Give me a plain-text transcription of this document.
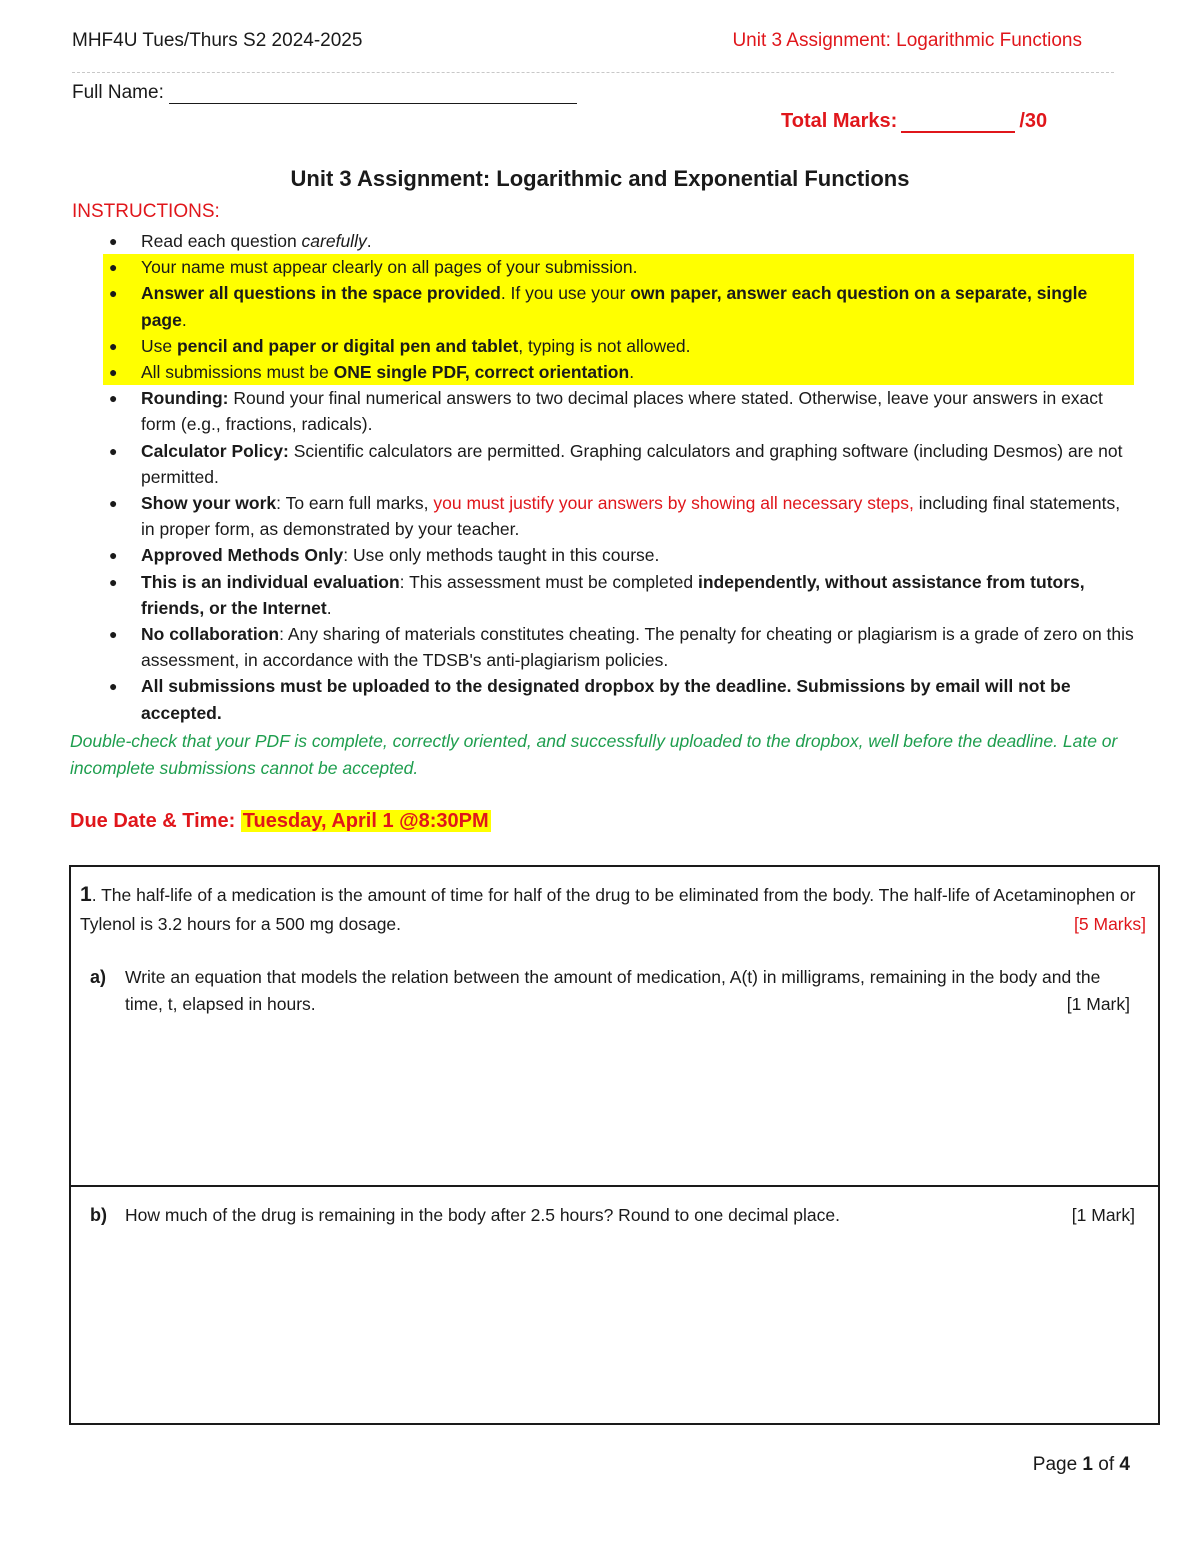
MHF4U Tues/Thurs S2 2024-2025	Unit 3 Assignment: Logarithmic Functions
Full Name:
Total Marks:	/30
Unit 3 Assignment: Logarithmic and Exponential Functions
INSTRUCTIONS:
● Read each question carefully.
● Your name must appear clearly on all pages of your submission.
● Answer all questions in the space provided. If you use your own paper, answer each question on a separate, single page.
● Use pencil and paper or digital pen and tablet, typing is not allowed.
● All submissions must be ONE single PDF, correct orientation.
● Rounding: Round your final numerical answers to two decimal places where stated. Otherwise, leave your answers in exact form (e.g., fractions, radicals).
● Calculator Policy: Scientific calculators are permitted. Graphing calculators and graphing software (including Desmos) are not permitted.
● Show your work: To earn full marks, you must justify your answers by showing all necessary steps, including final statements, in proper form, as demonstrated by your teacher.
● Approved Methods Only: Use only methods taught in this course.
● This is an individual evaluation: This assessment must be completed independently, without assistance from tutors, friends, or the Internet.
● No collaboration: Any sharing of materials constitutes cheating. The penalty for cheating or plagiarism is a grade of zero on this assessment, in accordance with the TDSB's anti-plagiarism policies.
● All submissions must be uploaded to the designated dropbox by the deadline. Submissions by email will not be accepted.
Double-check that your PDF is complete, correctly oriented, and successfully uploaded to the dropbox, well before the deadline. Late or incomplete submissions cannot be accepted.
Due Date & Time: Tuesday, April 1 @8:30PM
1. The half-life of a medication is the amount of time for half of the drug to be eliminated from the body. The half-life of Acetaminophen or Tylenol is 3.2 hours for a 500 mg dosage.	[5 Marks]
a) Write an equation that models the relation between the amount of medication, A(t) in milligrams, remaining in the body and the time, t, elapsed in hours.	[1 Mark]
b) How much of the drug is remaining in the body after 2.5 hours? Round to one decimal place.	[1 Mark]
Page 1 of 4
